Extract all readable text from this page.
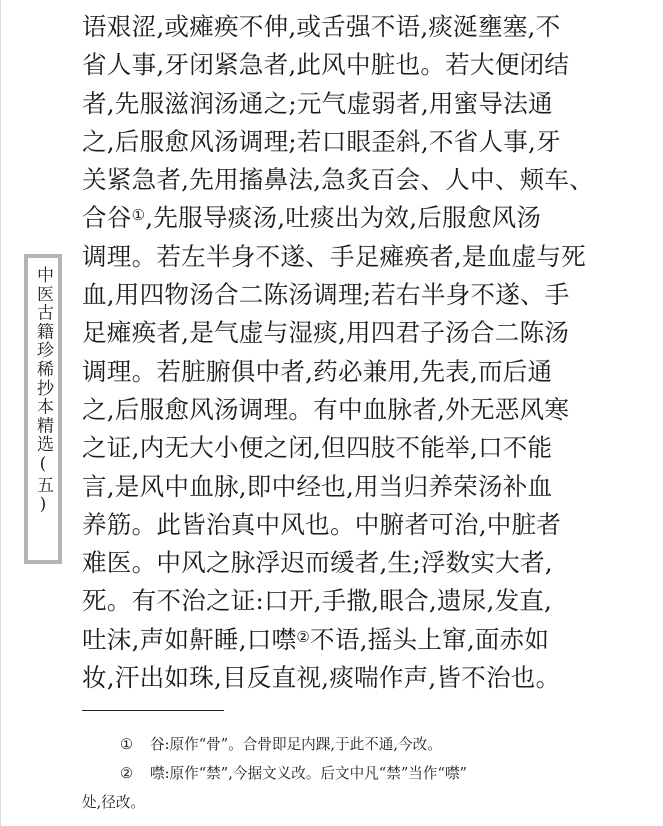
中医古籍珍稀抄本精选(五)
语艰涩,或瘫痪不伸,或舌强不语,痰涎壅塞,不
省人事,牙闭紧急者,此风中脏也。若大便闭结
者,先服滋润汤通之;元气虚弱者,用蜜导法通
之,后服愈风汤调理;若口眼歪斜,不省人事,牙
关紧急者,先用搐鼻法,急炙百会、人中、颊车、
合谷①,先服导痰汤,吐痰出为效,后服愈风汤
调理。若左半身不遂、手足瘫痪者,是血虚与死
血,用四物汤合二陈汤调理;若右半身不遂、手
足瘫痪者,是气虚与湿痰,用四君子汤合二陈汤
调理。若脏腑俱中者,药必兼用,先表,而后通
之,后服愈风汤调理。有中血脉者,外无恶风寒
之证,内无大小便之闭,但四肢不能举,口不能
言,是风中血脉,即中经也,用当归养荣汤补血
养筋。此皆治真中风也。中腑者可治,中脏者
难医。中风之脉浮迟而缓者,生;浮数实大者,
死。有不治之证:口开,手撒,眼合,遗尿,发直,
吐沫,声如鼾睡,口噤②不语,摇头上窜,面赤如
妆,汗出如珠,目反直视,痰喘作声,皆不治也。
① 谷:原作“骨”。合骨即足内踝,于此不通,今改。
② 噤:原作“禁”,今据文义改。后文中凡“禁”当作“噤”
处,径改。
